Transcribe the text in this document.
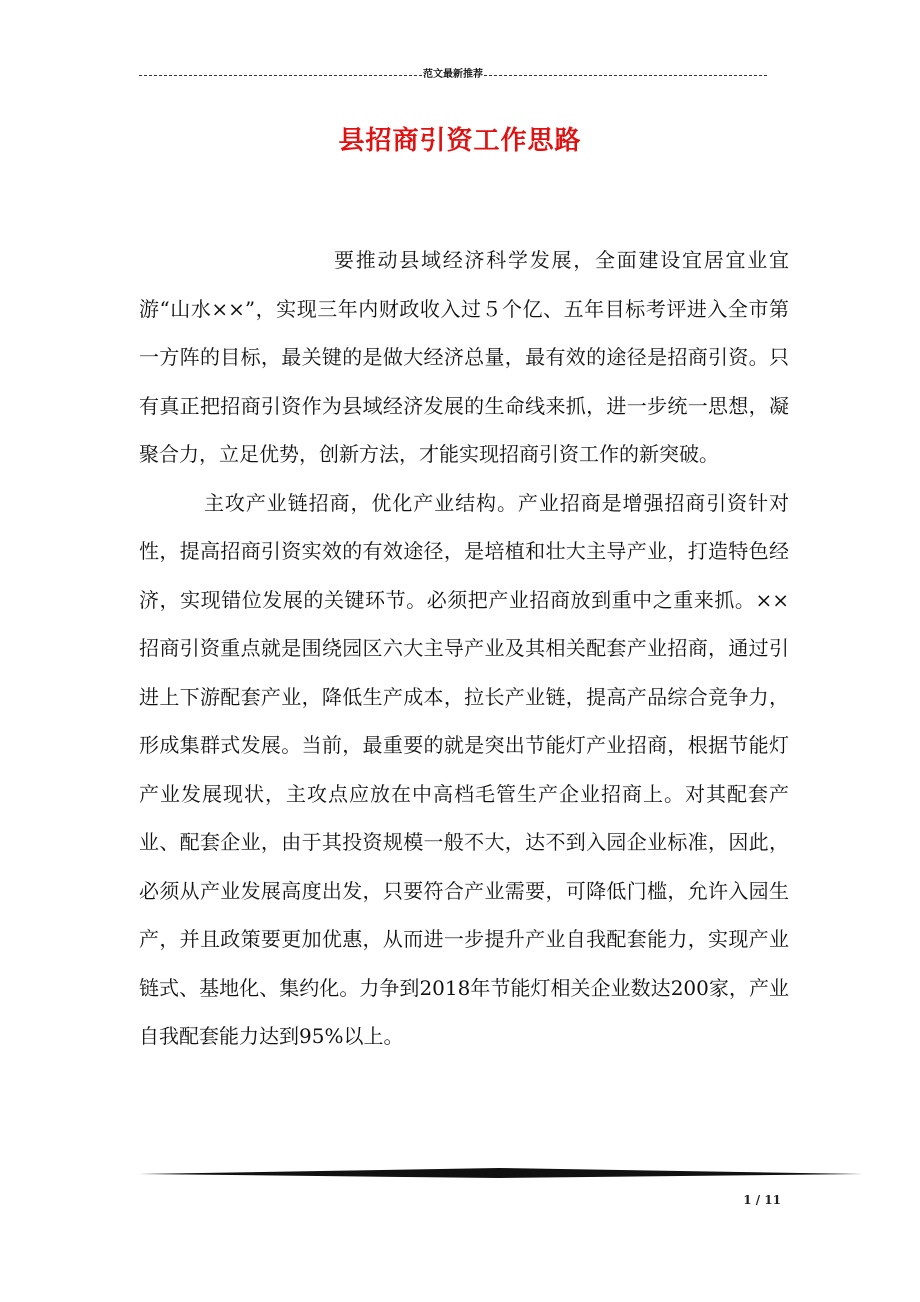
范文最新推荐
县招商引资工作思路

要推动县域经济科学发展，全面建设宜居宜业宜游“山水××”，实现三年内财政收入过５个亿、五年目标考评进入全市第一方阵的目标，最关键的是做大经济总量，最有效的途径是招商引资。只有真正把招商引资作为县域经济发展的生命线来抓，进一步统一思想，凝聚合力，立足优势，创新方法，才能实现招商引资工作的新突破。

主攻产业链招商，优化产业结构。产业招商是增强招商引资针对性，提高招商引资实效的有效途径，是培植和壮大主导产业，打造特色经济，实现错位发展的关键环节。必须把产业招商放到重中之重来抓。××招商引资重点就是围绕园区六大主导产业及其相关配套产业招商，通过引进上下游配套产业，降低生产成本，拉长产业链，提高产品综合竞争力，形成集群式发展。当前，最重要的就是突出节能灯产业招商，根据节能灯产业发展现状，主攻点应放在中高档毛管生产企业招商上。对其配套产业、配套企业，由于其投资规模一般不大，达不到入园企业标准，因此，必须从产业发展高度出发，只要符合产业需要，可降低门槛，允许入园生产，并且政策要更加优惠，从而进一步提升产业自我配套能力，实现产业链式、基地化、集约化。力争到2018年节能灯相关企业数达200家，产业自我配套能力达到95%以上。

1 / 11
